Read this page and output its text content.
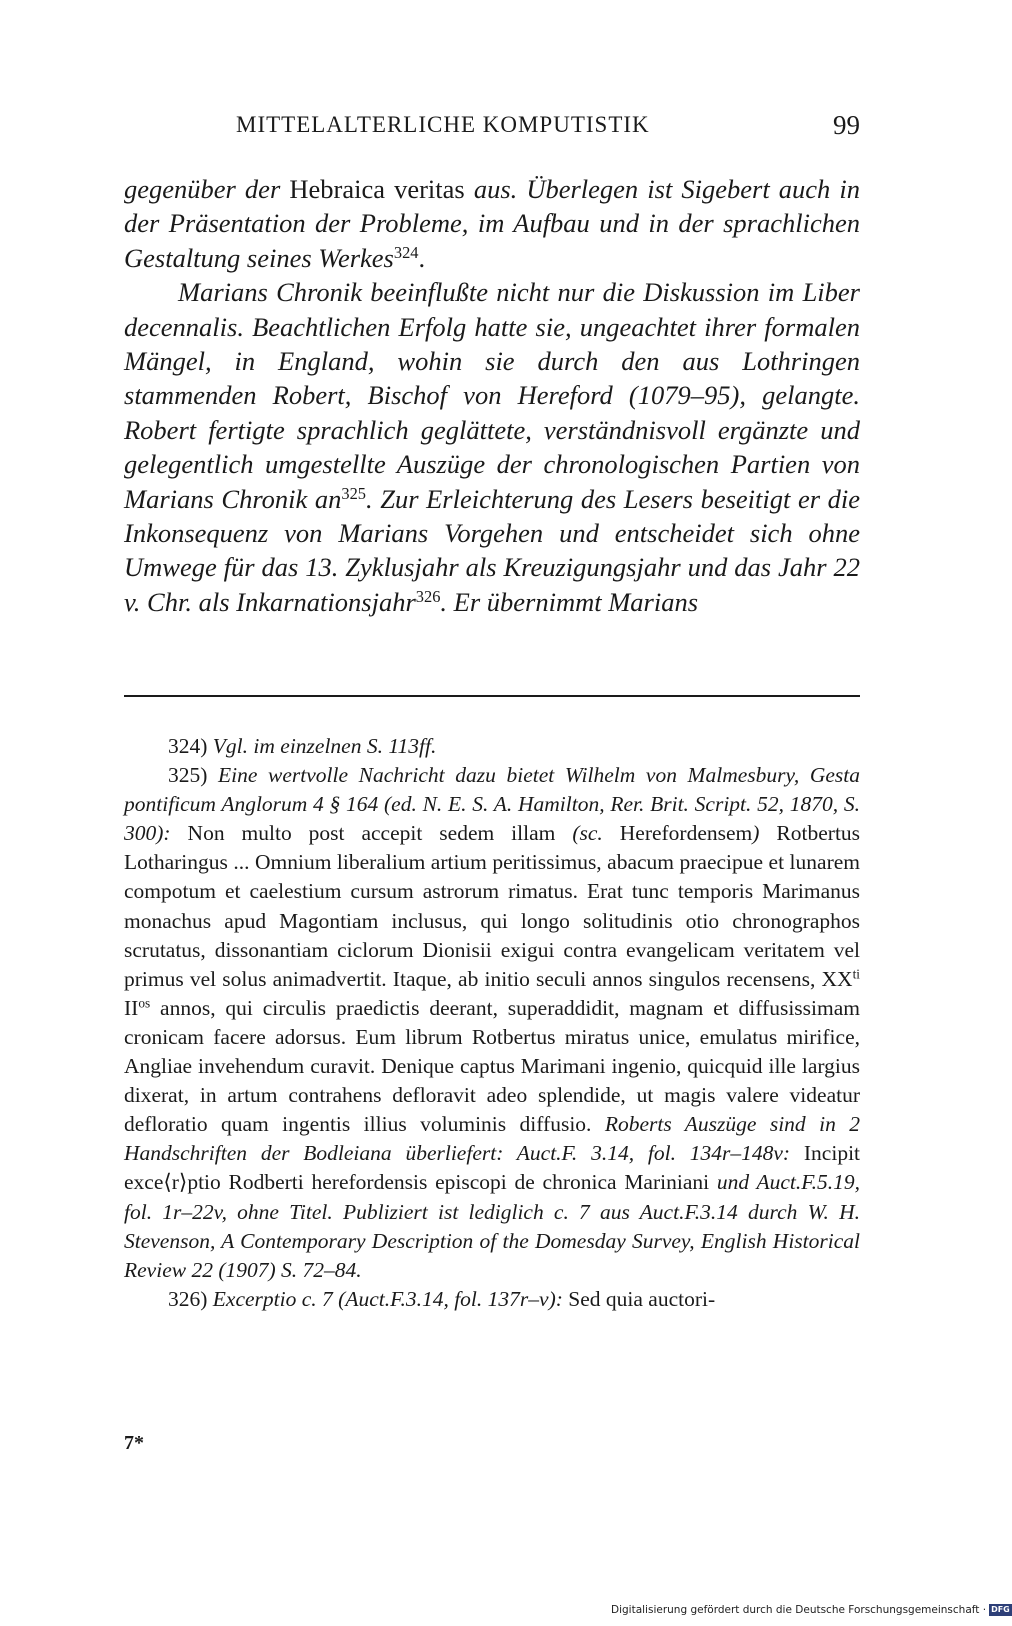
MITTELALTERLICHE KOMPUTISTIK	99

gegenüber der Hebraica veritas aus. Überlegen ist Sigebert auch in der Präsentation der Probleme, im Aufbau und in der sprachlichen Gestaltung seines Werkes$^{324}$.

Marians Chronik beeinflußte nicht nur die Diskussion im Liber decennalis. Beachtlichen Erfolg hatte sie, ungeachtet ihrer formalen Mängel, in England, wohin sie durch den aus Lothringen stammenden Robert, Bischof von Hereford (1079–95), gelangte. Robert fertigte sprachlich geglättete, verständnisvoll ergänzte und gelegentlich umgestellte Auszüge der chronologischen Partien von Marians Chronik $an^{325}$. Zur Erleichterung des Lesers beseitigt er die Inkonsequenz von Marians Vorgehen und entscheidet sich ohne Umwege für das 13. Zyklusjahr als Kreuzigungsjahr und das Jahr 22 v. Chr. als Inkarnationsjahr$^{326}$. Er übernimmt Marians

324) Vgl. im einzelnen S. 113ff.

325) Eine wertvolle Nachricht dazu bietet Wilhelm von Malmesbury, Gesta pontificum Anglorum 4 § 164 (ed. N. E. S. A. Hamilton, Rer. Brit. Script. 52, 1870, S. 300): Non multo post accepit sedem illam (sc. Herefordensem) Rotbertus Lotharingus ... Omnium liberalium artium peritissimus, abacum praecipue et lunarem compotum et caelestium cursum astrorum rimatus. Erat tunc temporis Marimanus monachus apud Magontiam inclusus, qui longo solitudinis otio chronographos scrutatus, dissonantiam ciclorum Dionisii exigui contra evangelicam veritatem vel primus vel solus animadvertit. Itaque, ab initio seculi annos singulos recensens, $XX^{ti}$ $II^{os}$ annos, qui circulis praedictis deerant, superaddidit, magnam et diffusissimam cronicam facere adorsus. Eum librum Rotbertus miratus unice, emulatus mirifice, Angliae invehendum curavit. Denique captus Marimani ingenio, quicquid ille largius dixerat, in artum contrahens defloravit adeo splendide, ut magis valere videatur defloratio quam ingentis illius voluminis diffusio. Roberts Auszüge sind in 2 Handschriften der Bodleiana überliefert: Auct.F. 3.14, fol. 134r–148v: Incipit exce⟨r⟩ptio Rodberti herefordensis episcopi de chronica Mariniani und Auct.F.5.19, fol. 1r–22v, ohne Titel. Publiziert ist lediglich c. 7 aus Auct.F.3.14 durch W. H. Stevenson, A Contemporary Description of the Domesday Survey, English Historical Review 22 (1907) S. 72–84.

326) Excerptio c. 7 (Auct.F.3.14, fol. 137r–v): Sed quia auctori-

7*
Digitalisierung gefördert durch die Deutsche Forschungsgemeinschaft · DFG
